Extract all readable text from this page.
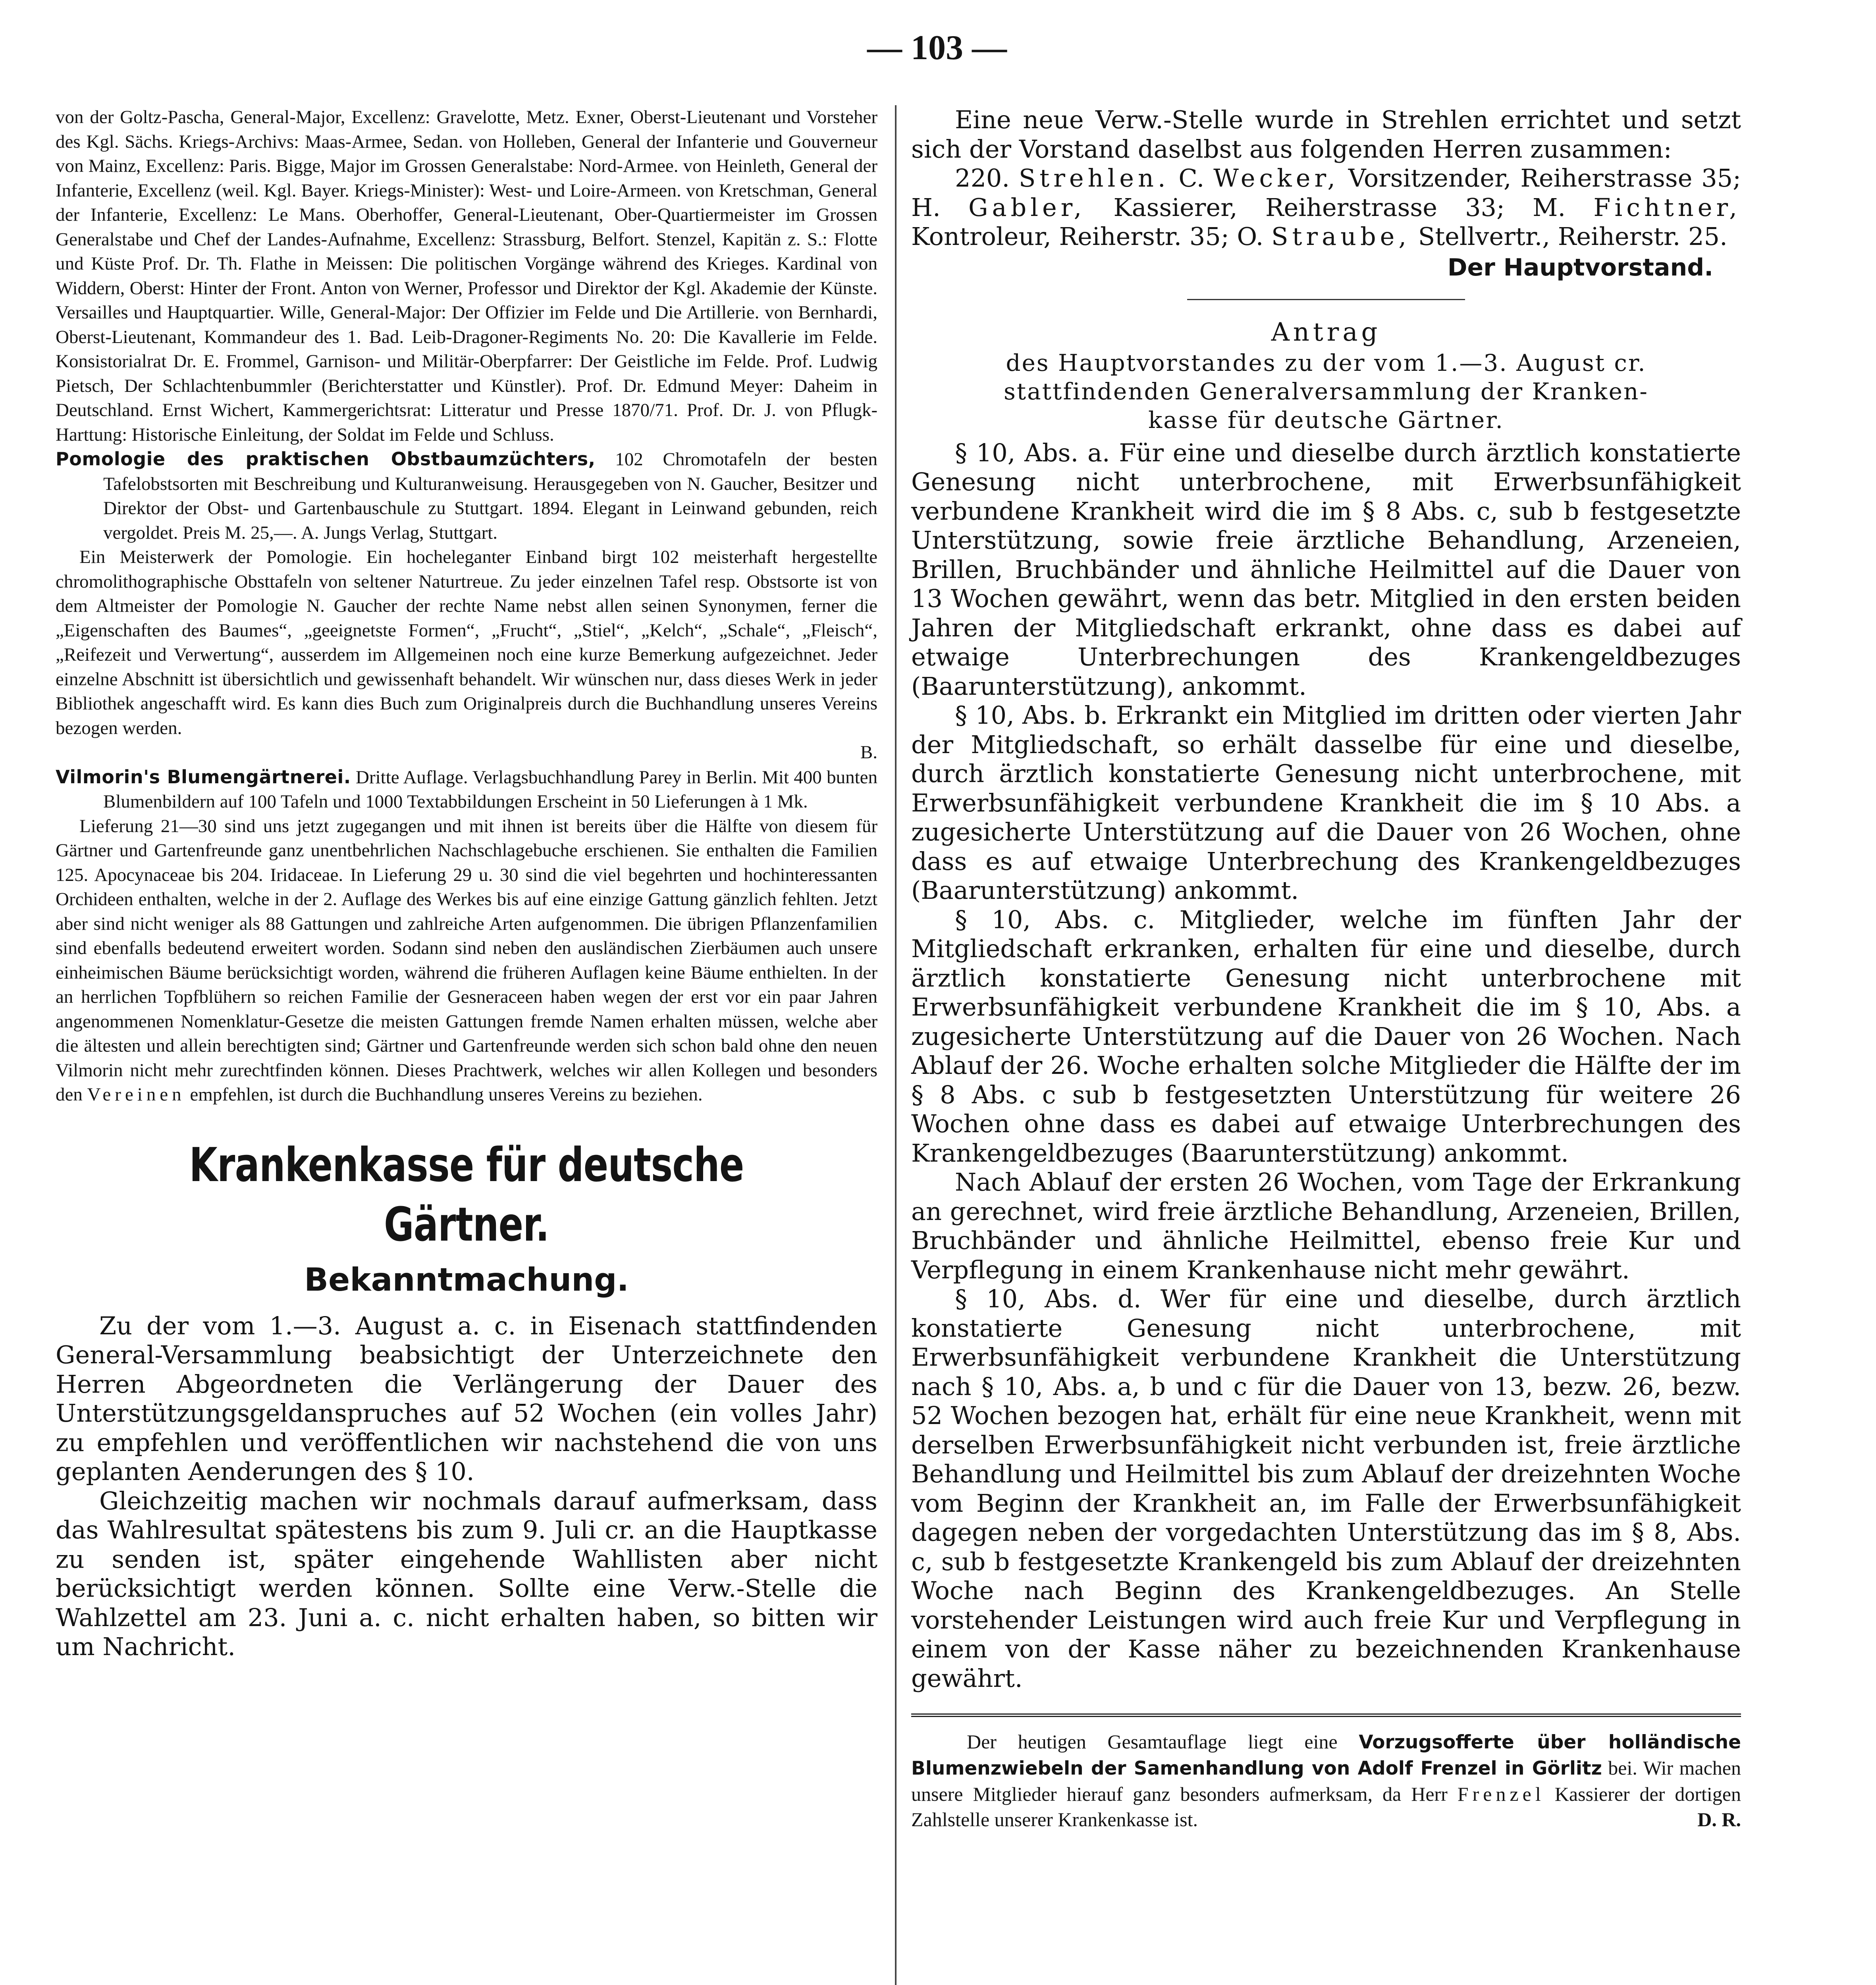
— 103 —

von der Goltz-Pascha, General-Major, Excellenz: Gravelotte, Metz. Exner, Oberst-Lieutenant und Vorsteher des Kgl. Sächs. Kriegs-Archivs: Maas-Armee, Sedan. von Holleben, General der Infanterie und Gouverneur von Mainz, Excellenz: Paris. Bigge, Major im Grossen Generalstabe: Nord-Armee. von Heinleth, General der Infanterie, Excellenz (weil. Kgl. Bayer. Kriegs-Minister): West- und Loire-Armeen. von Kretschman, General der Infanterie, Excellenz: Le Mans. Oberhoffer, General-Lieutenant, Ober-Quartiermeister im Grossen Generalstabe und Chef der Landes-Aufnahme, Excellenz: Strassburg, Belfort. Stenzel, Kapitän z. S.: Flotte und Küste Prof. Dr. Th. Flathe in Meissen: Die politischen Vorgänge während des Krieges. Kardinal von Widdern, Oberst: Hinter der Front. Anton von Werner, Professor und Direktor der Kgl. Akademie der Künste. Versailles und Hauptquartier. Wille, General-Major: Der Offizier im Felde und Die Artillerie. von Bernhardi, Oberst-Lieutenant, Kommandeur des 1. Bad. Leib-Dragoner-Regiments No. 20: Die Kavallerie im Felde. Konsistorialrat Dr. E. Frommel, Garnison- und Militär-Oberpfarrer: Der Geistliche im Felde. Prof. Ludwig Pietsch, Der Schlachtenbummler (Berichterstatter und Künstler). Prof. Dr. Edmund Meyer: Daheim in Deutschland. Ernst Wichert, Kammergerichtsrat: Litteratur und Presse 1870/71. Prof. Dr. J. von Pflugk-Harttung: Historische Einleitung, der Soldat im Felde und Schluss.

Pomologie des praktischen Obstbaumzüchters, 102 Chromotafeln der besten Tafelobstsorten mit Beschreibung und Kulturanweisung. Herausgegeben von N. Gaucher, Besitzer und Direktor der Obst- und Gartenbauschule zu Stuttgart. 1894. Elegant in Leinwand gebunden, reich vergoldet. Preis M. 25,—. A. Jungs Verlag, Stuttgart.

Ein Meisterwerk der Pomologie. Ein hocheleganter Einband birgt 102 meisterhaft hergestellte chromolithographische Obsttafeln von seltener Naturtreue. Zu jeder einzelnen Tafel resp. Obstsorte ist von dem Altmeister der Pomologie N. Gaucher der rechte Name nebst allen seinen Synonymen, ferner die „Eigenschaften des Baumes“, „geeignetste Formen“, „Frucht“, „Stiel“, „Kelch“, „Schale“, „Fleisch“, „Reifezeit und Verwertung“, ausserdem im Allgemeinen noch eine kurze Bemerkung aufgezeichnet. Jeder einzelne Abschnitt ist übersichtlich und gewissenhaft behandelt. Wir wünschen nur, dass dieses Werk in jeder Bibliothek angeschafft wird. Es kann dies Buch zum Originalpreis durch die Buchhandlung unseres Vereins bezogen werden.

B.

Vilmorin's Blumengärtnerei. Dritte Auflage. Verlagsbuchhandlung Parey in Berlin. Mit 400 bunten Blumenbildern auf 100 Tafeln und 1000 Textabbildungen Erscheint in 50 Lieferungen à 1 Mk.

Lieferung 21—30 sind uns jetzt zugegangen und mit ihnen ist bereits über die Hälfte von diesem für Gärtner und Gartenfreunde ganz unentbehrlichen Nachschlagebuche erschienen. Sie enthalten die Familien 125. Apocynaceae bis 204. Iridaceae. In Lieferung 29 u. 30 sind die viel begehrten und hochinteressanten Orchideen enthalten, welche in der 2. Auflage des Werkes bis auf eine einzige Gattung gänzlich fehlten. Jetzt aber sind nicht weniger als 88 Gattungen und zahlreiche Arten aufgenommen. Die übrigen Pflanzenfamilien sind ebenfalls bedeutend erweitert worden. Sodann sind neben den ausländischen Zierbäumen auch unsere einheimischen Bäume berücksichtigt worden, während die früheren Auflagen keine Bäume enthielten. In der an herrlichen Topfblühern so reichen Familie der Gesneraceen haben wegen der erst vor ein paar Jahren angenommenen Nomenklatur-Gesetze die meisten Gattungen fremde Namen erhalten müssen, welche aber die ältesten und allein berechtigten sind; Gärtner und Gartenfreunde werden sich schon bald ohne den neuen Vilmorin nicht mehr zurechtfinden können. Dieses Prachtwerk, welches wir allen Kollegen und besonders den Vereinen empfehlen, ist durch die Buchhandlung unseres Vereins zu beziehen.

Krankenkasse für deutsche Gärtner.
Bekanntmachung.

Zu der vom 1.—3. August a. c. in Eisenach stattfindenden General-Versammlung beabsichtigt der Unterzeichnete den Herren Abgeordneten die Verlängerung der Dauer des Unterstützungsgeldanspruches auf 52 Wochen (ein volles Jahr) zu empfehlen und veröffentlichen wir nachstehend die von uns geplanten Aenderungen des § 10.

Gleichzeitig machen wir nochmals darauf aufmerksam, dass das Wahlresultat spätestens bis zum 9. Juli cr. an die Hauptkasse zu senden ist, später eingehende Wahllisten aber nicht berücksichtigt werden können. Sollte eine Verw.-Stelle die Wahlzettel am 23. Juni a. c. nicht erhalten haben, so bitten wir um Nachricht.

Eine neue Verw.-Stelle wurde in Strehlen errichtet und setzt sich der Vorstand daselbst aus folgenden Herren zusammen:

220. Strehlen. C. Wecker, Vorsitzender, Reiherstrasse 35; H. Gabler, Kassierer, Reiherstrasse 33; M. Fichtner, Kontroleur, Reiherstr. 35; O. Straube, Stellvertr., Reiherstr. 25.

Der Hauptvorstand.

Antrag

des Hauptvorstandes zu der vom 1.—3. August cr.
stattfindenden Generalversammlung der Kranken-
kasse für deutsche Gärtner.

§ 10, Abs. a. Für eine und dieselbe durch ärztlich konstatierte Genesung nicht unterbrochene, mit Erwerbsunfähigkeit verbundene Krankheit wird die im § 8 Abs. c, sub b festgesetzte Unterstützung, sowie freie ärztliche Behandlung, Arzeneien, Brillen, Bruchbänder und ähnliche Heilmittel auf die Dauer von 13 Wochen gewährt, wenn das betr. Mitglied in den ersten beiden Jahren der Mitgliedschaft erkrankt, ohne dass es dabei auf etwaige Unterbrechungen des Krankengeldbezuges (Baarunterstützung), ankommt.

§ 10, Abs. b. Erkrankt ein Mitglied im dritten oder vierten Jahr der Mitgliedschaft, so erhält dasselbe für eine und dieselbe, durch ärztlich konstatierte Genesung nicht unterbrochene, mit Erwerbsunfähigkeit verbundene Krankheit die im § 10 Abs. a zugesicherte Unterstützung auf die Dauer von 26 Wochen, ohne dass es auf etwaige Unterbrechung des Krankengeldbezuges (Baarunterstützung) ankommt.

§ 10, Abs. c. Mitglieder, welche im fünften Jahr der Mitgliedschaft erkranken, erhalten für eine und dieselbe, durch ärztlich konstatierte Genesung nicht unterbrochene mit Erwerbsunfähigkeit verbundene Krankheit die im § 10, Abs. a zugesicherte Unterstützung auf die Dauer von 26 Wochen. Nach Ablauf der 26. Woche erhalten solche Mitglieder die Hälfte der im § 8 Abs. c sub b festgesetzten Unterstützung für weitere 26 Wochen ohne dass es dabei auf etwaige Unterbrechungen des Krankengeldbezuges (Baarunterstützung) ankommt.

Nach Ablauf der ersten 26 Wochen, vom Tage der Erkrankung an gerechnet, wird freie ärztliche Behandlung, Arzeneien, Brillen, Bruchbänder und ähnliche Heilmittel, ebenso freie Kur und Verpflegung in einem Krankenhause nicht mehr gewährt.

§ 10, Abs. d. Wer für eine und dieselbe, durch ärztlich konstatierte Genesung nicht unterbrochene, mit Erwerbsunfähigkeit verbundene Krankheit die Unterstützung nach § 10, Abs. a, b und c für die Dauer von 13, bezw. 26, bezw. 52 Wochen bezogen hat, erhält für eine neue Krankheit, wenn mit derselben Erwerbsunfähigkeit nicht verbunden ist, freie ärztliche Behandlung und Heilmittel bis zum Ablauf der dreizehnten Woche vom Beginn der Krankheit an, im Falle der Erwerbsunfähigkeit dagegen neben der vorgedachten Unterstützung das im § 8, Abs. c, sub b festgesetzte Krankengeld bis zum Ablauf der dreizehnten Woche nach Beginn des Krankengeldbezuges. An Stelle vorstehender Leistungen wird auch freie Kur und Verpflegung in einem von der Kasse näher zu bezeichnenden Krankenhause gewährt.

Der heutigen Gesamtauflage liegt eine Vorzugsofferte über holländische Blumenzwiebeln der Samenhandlung von Adolf Frenzel in Görlitz bei. Wir machen unsere Mitglieder hierauf ganz besonders aufmerksam, da Herr Frenzel Kassierer der dortigen Zahlstelle unserer Krankenkasse ist.	D. R.
